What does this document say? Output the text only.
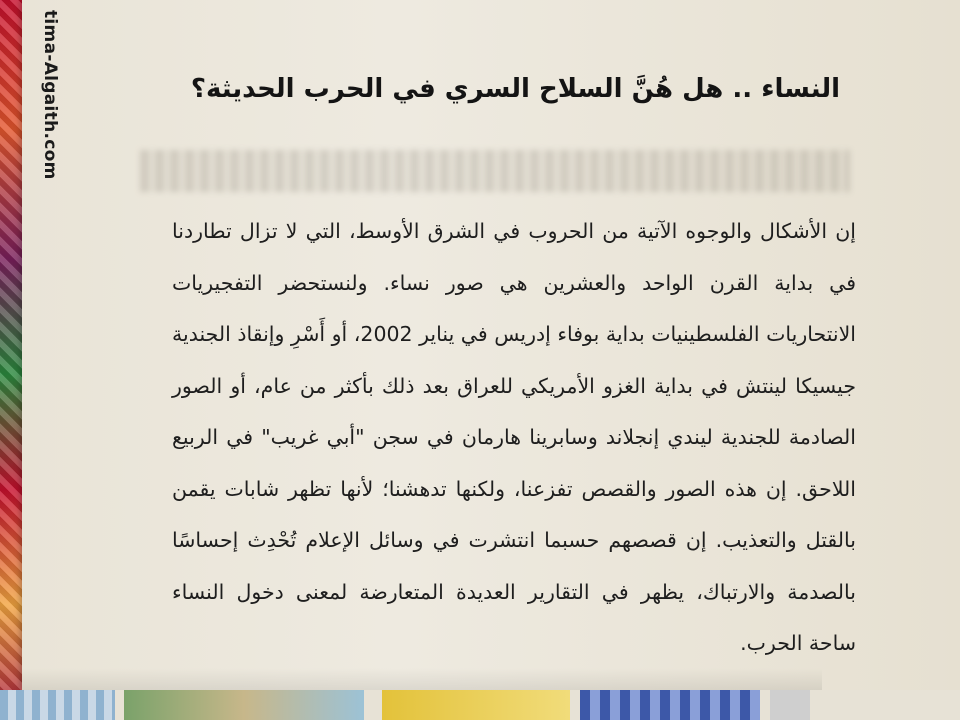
tima-Algaith.com	النساء .. هل هُنَّ السلاح السري في الحرب الحديثة؟

إن الأشكال والوجوه الآتية من الحروب في الشرق الأوسط، التي لا تزال تطاردنا في بداية القرن الواحد والعشرين هي صور نساء. ولنستحضر التفجيريات الانتحاريات الفلسطينيات بداية بوفاء إدريس في يناير 2002، أو أَسْرِ وإنقاذ الجندية جيسيكا لينتش في بداية الغزو الأمريكي للعراق بعد ذلك بأكثر من عام، أو الصور الصادمة للجندية ليندي إنجلاند وسابرينا هارمان في سجن "أبي غريب" في الربيع اللاحق. إن هذه الصور والقصص تفزعنا، ولكنها تدهشنا؛ لأنها تظهر شابات يقمن بالقتل والتعذيب. إن قصصهم حسبما انتشرت في وسائل الإعلام تُحْدِث إحساسًا بالصدمة والارتباك، يظهر في التقارير العديدة المتعارضة لمعنى دخول النساء ساحة الحرب.
